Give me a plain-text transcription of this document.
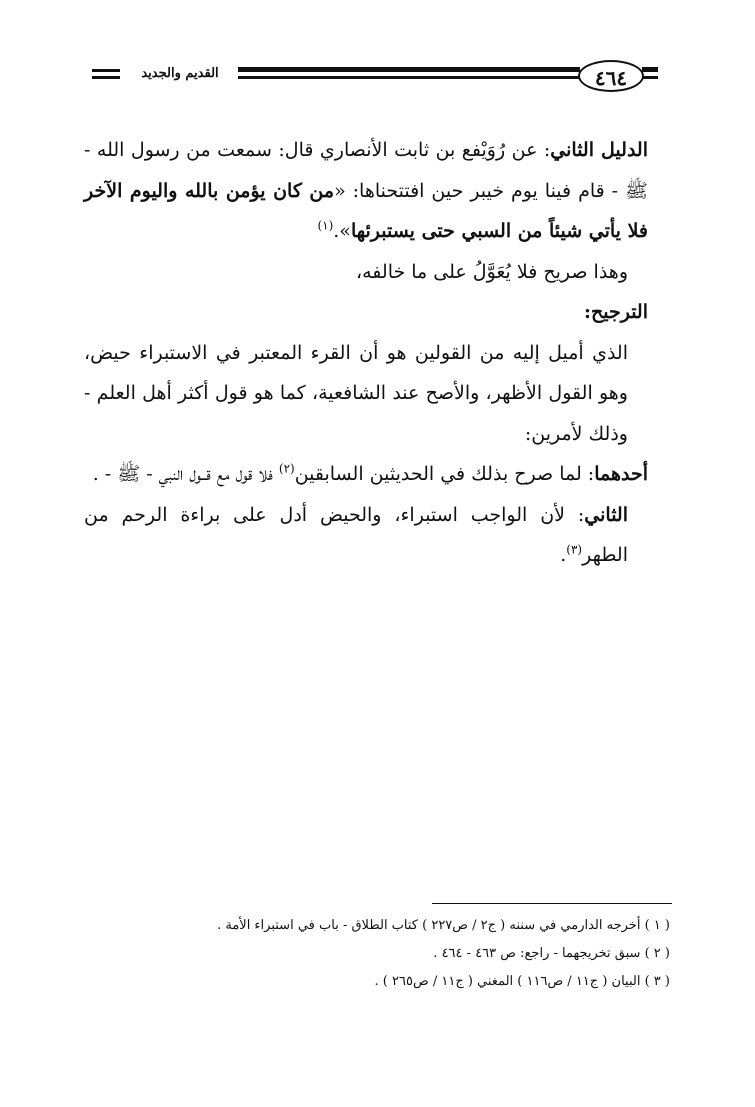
القديم والجديد	٤٦٤

الدليل الثاني: عن رُوَيْفع بن ثابت الأنصاري قال: سمعت من رسول الله - ﷺ - قام فينا يوم خيبر حين افتتحناها: «من كان يؤمن بالله واليوم الآخر فلا يأتي شيئاً من السبي حتى يستبرئها».$^{(١)}$

وهذا صريح فلا يُعَوَّلُ على ما خالفه،

الترجيح:

الذي أميل إليه من القولين هو أن القرء المعتبر في الاستبراء حيض، وهو القول الأظهر، والأصح عند الشافعية، كما هو قول أكثر أهل العلم - وذلك لأمرين:

أحدهما: لما صرح بذلك في الحديثين السابقين$^{(٢)}$ فلا قول مع قــول النبي - ﷺ - .

الثاني: لأن الواجب استبراء، والحيض أدل على براءة الرحم من الطهر$^{(٣)}$.

( ١ ) أخرجه الدارمي في سننه ( ج٢ / ص٢٢٧ ) كتاب الطلاق - باب في استبراء الأمة .
( ٢ ) سبق تخريجهما - راجع: ص ٤٦٣ - ٤٦٤ .
( ٣ ) البيان ( ج١١ / ص١١٦ ) المغني ( ج١١ / ص٢٦٥ ) .
